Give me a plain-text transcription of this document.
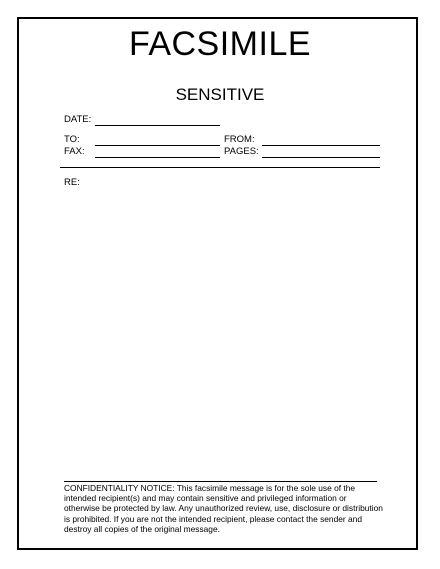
FACSIMILE
SENSITIVE
DATE:
TO:	FROM:
FAX:	PAGES:
RE:
CONFIDENTIALITY NOTICE: This facsimile message is for the sole use of the intended recipient(s) and may contain sensitive and privileged information or otherwise be protected by law. Any unauthorized review, use, disclosure or distribution is prohibited. If you are not the intended recipient, please contact the sender and destroy all copies of the original message.
